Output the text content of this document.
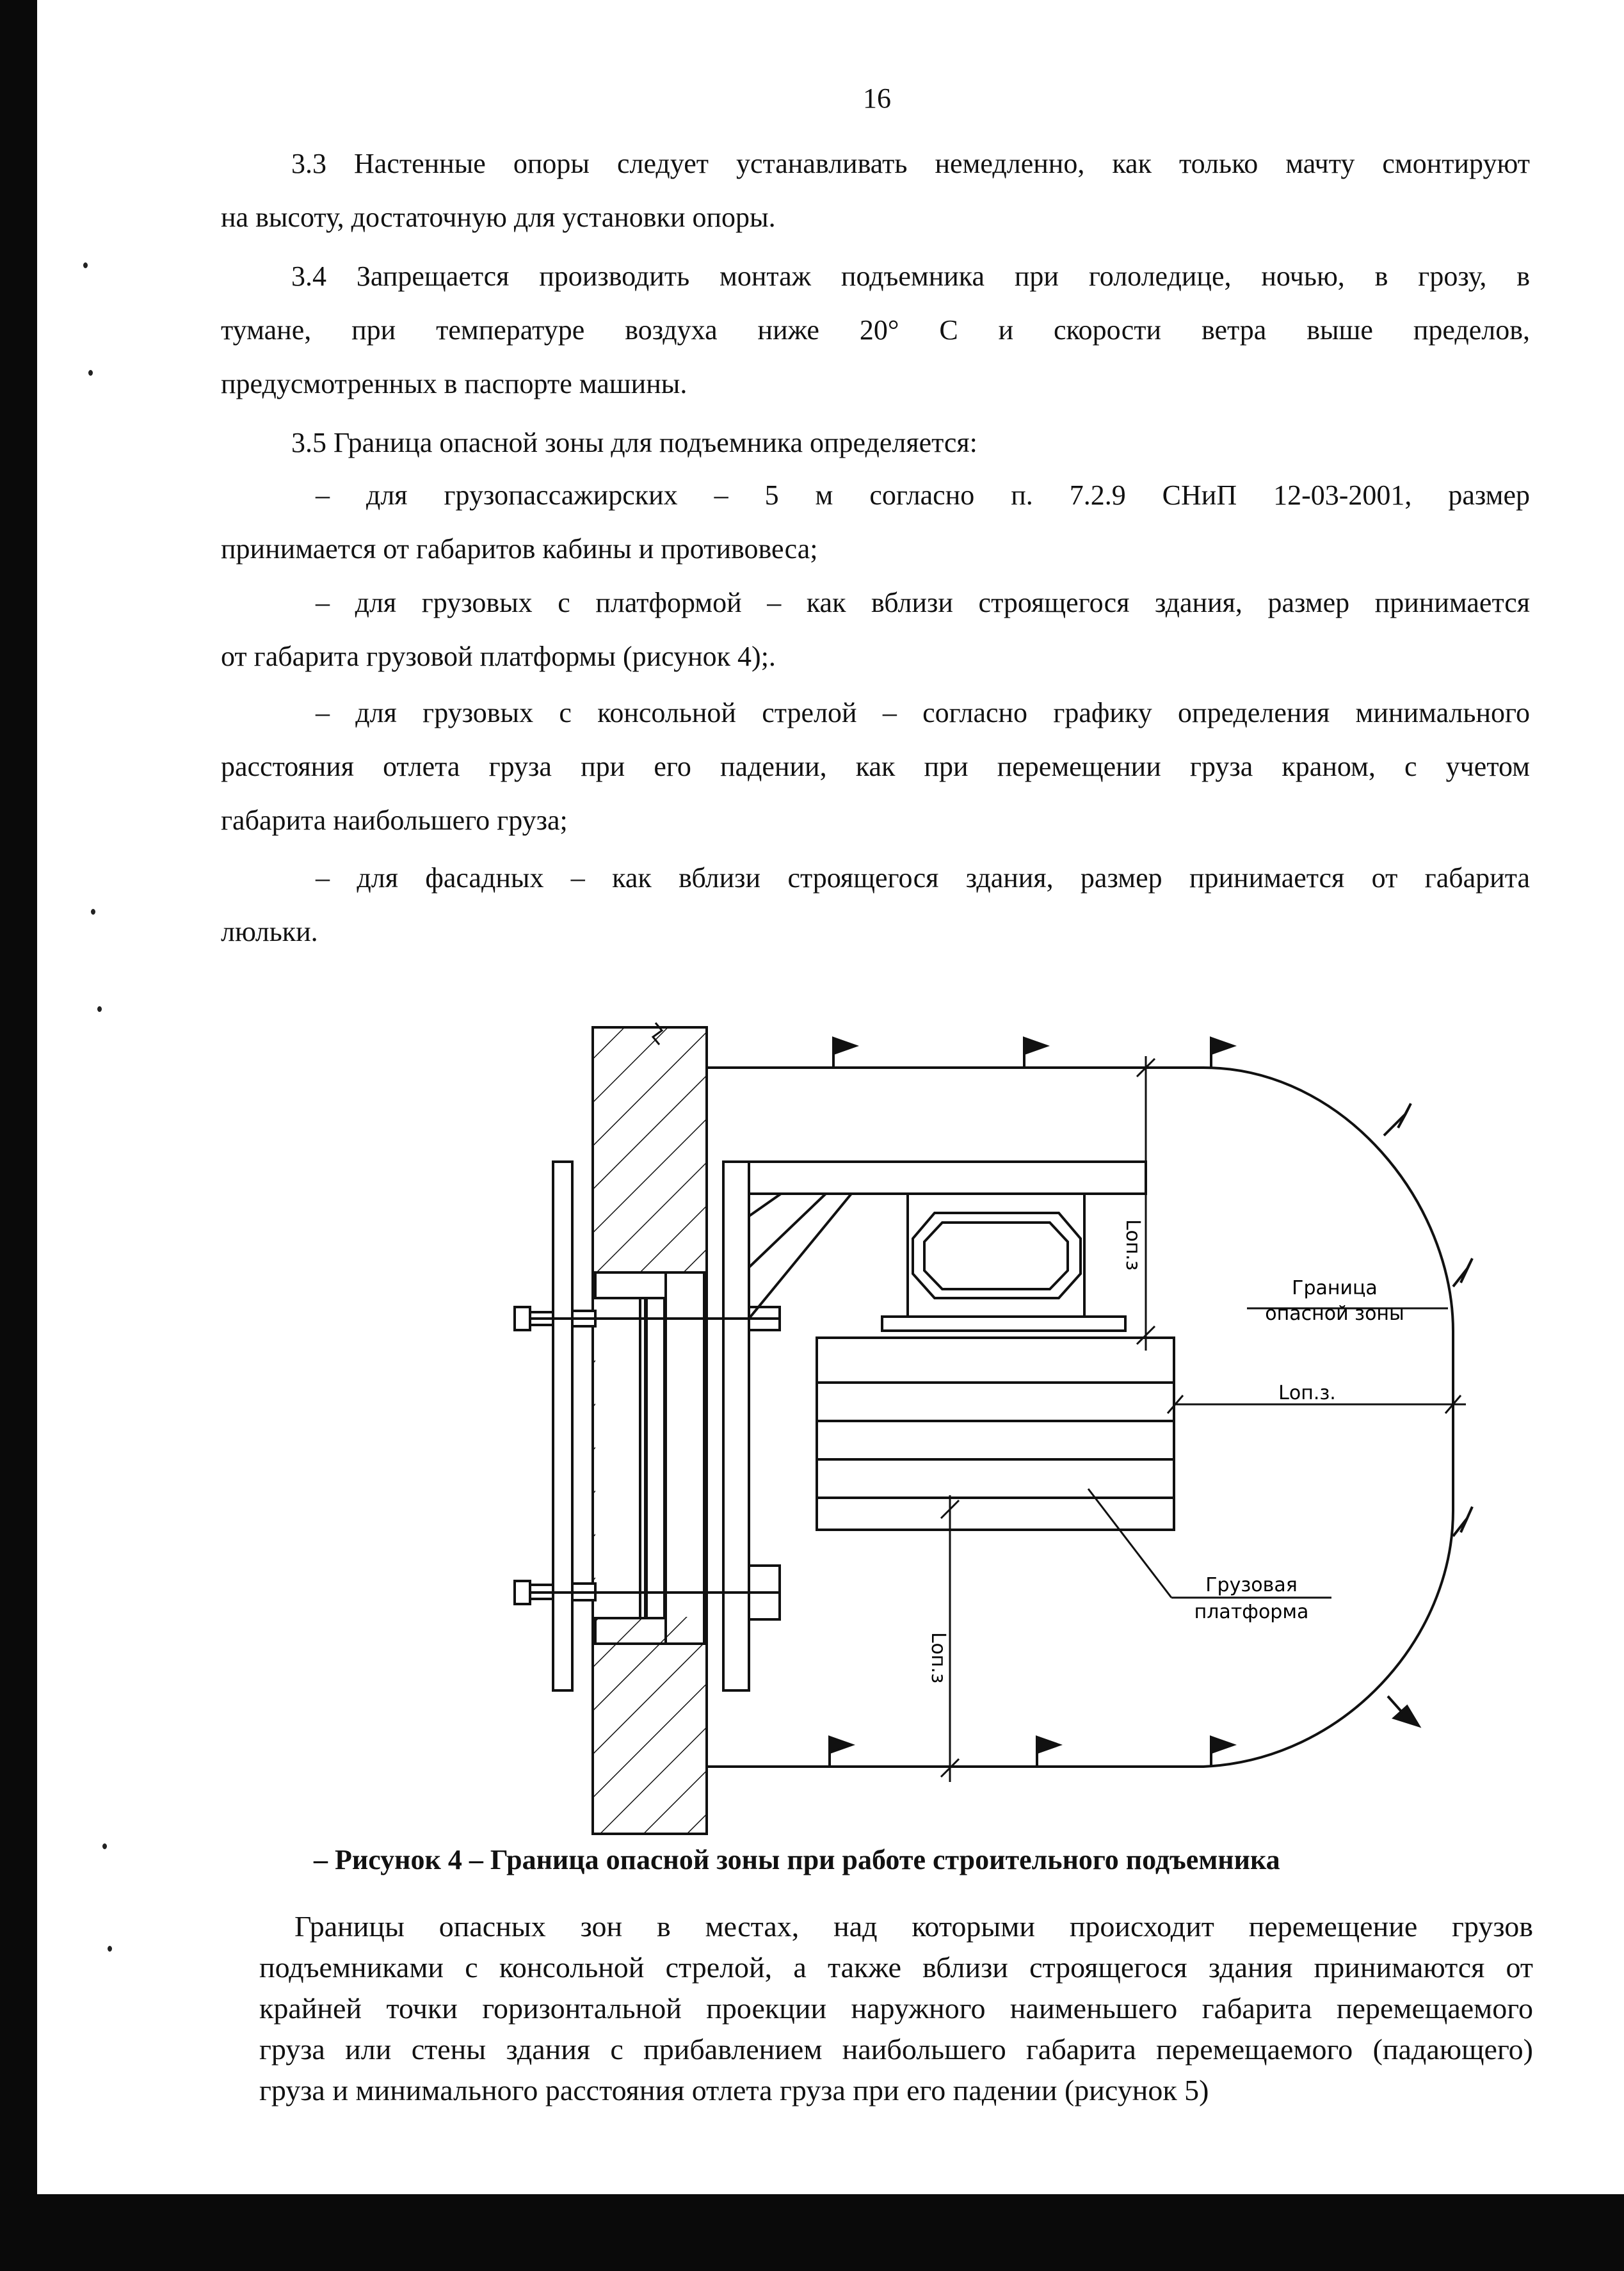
16
3.3 Настенные опоры следует устанавливать немедленно, как только мачту смонтируют
на высоту, достаточную для установки опоры.
3.4 Запрещается производить монтаж подъемника при гололедице, ночью, в грозу, в
тумане, при температуре воздуха ниже 20° С и скорости ветра выше пределов,
предусмотренных в паспорте машины.
3.5 Граница опасной зоны для подъемника определяется:
– для грузопассажирских – 5 м согласно п. 7.2.9 СНиП 12-03-2001, размер
принимается от габаритов кабины и противовеса;
– для грузовых с платформой – как вблизи строящегося здания, размер принимается
от габарита грузовой платформы (рисунок 4);.
– для грузовых с консольной стрелой – согласно графику определения минимального
расстояния отлета груза при его падении, как при перемещении груза краном, с учетом
габарита наибольшего груза;
– для фасадных – как вблизи строящегося здания, размер принимается от габарита
люльки.
Граница
опасной зоны
Lоп.з.
Lоп.з
Lоп.з
Грузовая
платформа
– Рисунок 4 – Граница опасной зоны при работе строительного подъемника
Границы опасных зон в местах, над которыми происходит перемещение грузов
подъемниками с консольной стрелой, а также вблизи строящегося здания принимаются от
крайней точки горизонтальной проекции наружного наименьшего габарита перемещаемого
груза или стены здания с прибавлением наибольшего габарита перемещаемого (падающего)
груза и минимального расстояния отлета груза при его падении (рисунок 5)
